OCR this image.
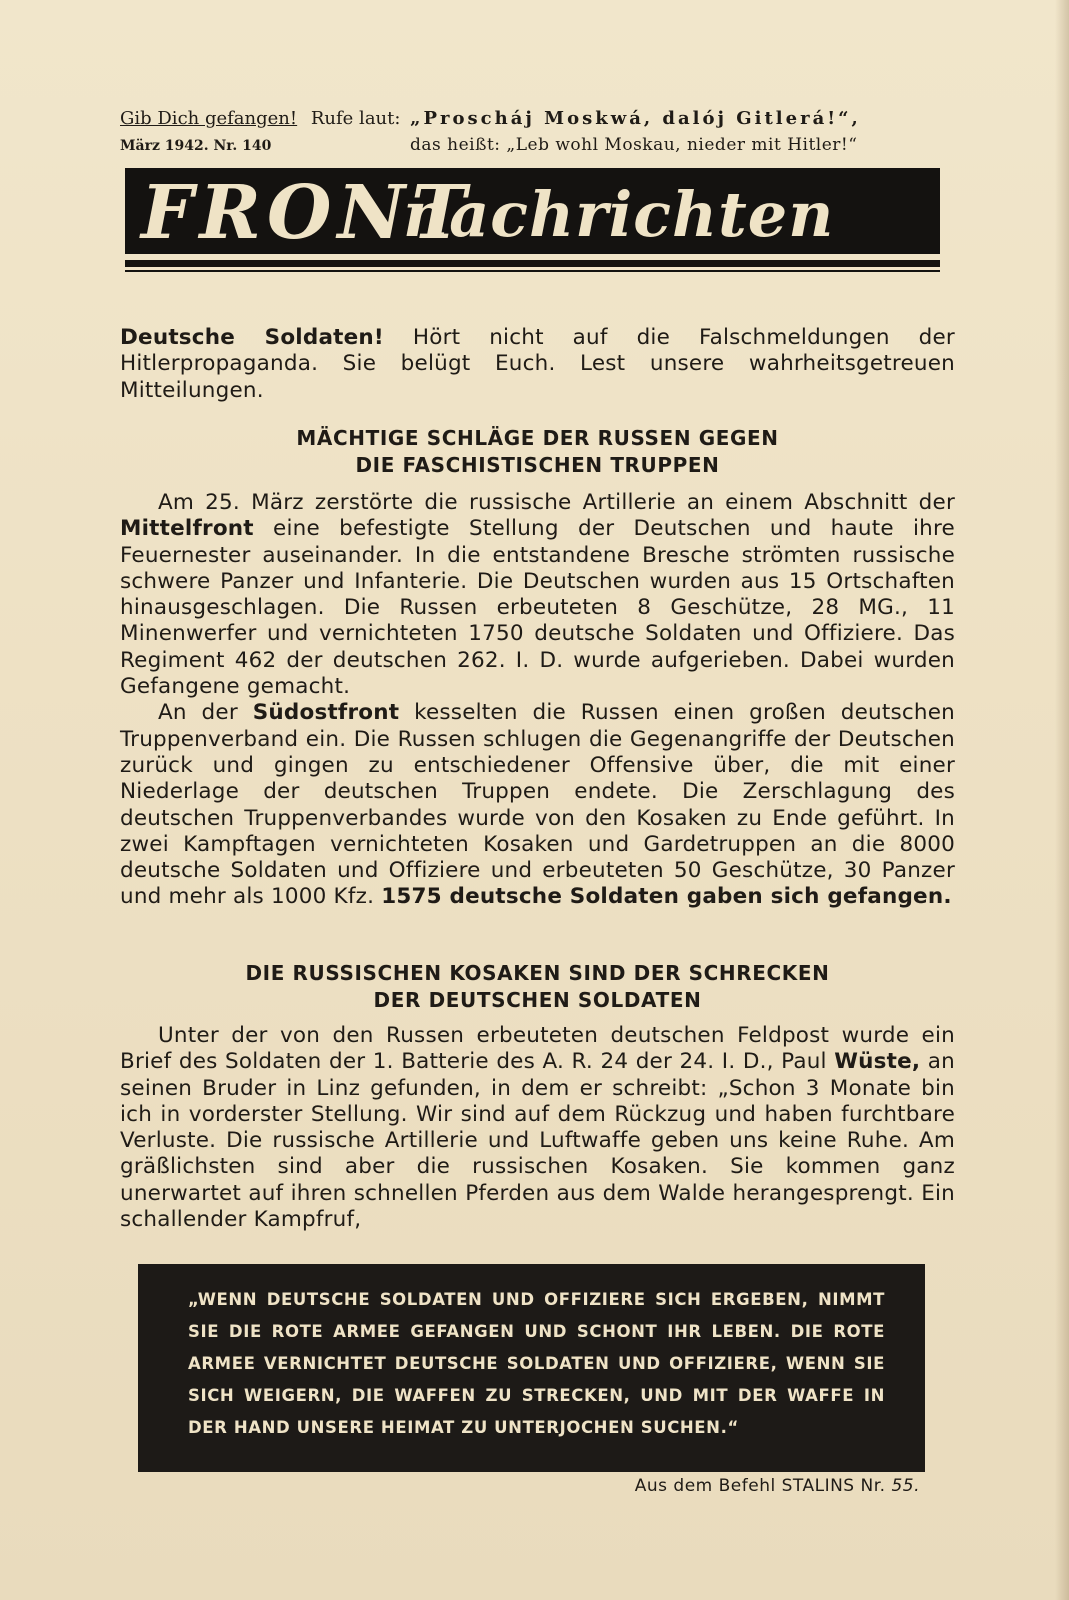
Gib Dich gefangen! Rufe laut: „Proscháj Moskwá, dalój Gitlerá!“,
März 1942. Nr. 140	das heißt: „Leb wohl Moskau, nieder mit Hitler!“
FRONT
nachrichten
Deutsche Soldaten! Hört nicht auf die Falschmeldungen der Hitlerpropaganda. Sie belügt Euch. Lest unsere wahrheitsgetreuen Mitteilungen.
MÄCHTIGE SCHLÄGE DER RUSSEN GEGEN
DIE FASCHISTISCHEN TRUPPEN
Am 25. März zerstörte die russische Artillerie an einem Abschnitt der Mittelfront eine befestigte Stellung der Deutschen und haute ihre Feuernester auseinander. In die entstandene Bresche strömten russische schwere Panzer und Infanterie. Die Deutschen wurden aus 15 Ortschaften hinausgeschlagen. Die Russen erbeuteten 8 Geschütze, 28 MG., 11 Minenwerfer und vernichteten 1750 deutsche Soldaten und Offiziere. Das Regiment 462 der deutschen 262. I. D. wurde aufgerieben. Dabei wurden Gefangene gemacht.
An der Südostfront kesselten die Russen einen großen deutschen Truppenverband ein. Die Russen schlugen die Gegenangriffe der Deutschen zurück und gingen zu entschiedener Offensive über, die mit einer Niederlage der deutschen Truppen endete. Die Zerschlagung des deutschen Truppenverbandes wurde von den Kosaken zu Ende geführt. In zwei Kampftagen vernichteten Kosaken und Gardetruppen an die 8000 deutsche Soldaten und Offiziere und erbeuteten 50 Geschütze, 30 Panzer und mehr als 1000 Kfz. 1575 deutsche Soldaten gaben sich gefangen.
DIE RUSSISCHEN KOSAKEN SIND DER SCHRECKEN
DER DEUTSCHEN SOLDATEN
Unter der von den Russen erbeuteten deutschen Feldpost wurde ein Brief des Soldaten der 1. Batterie des A. R. 24 der 24. I. D., Paul Wüste, an seinen Bruder in Linz gefunden, in dem er schreibt: „Schon 3 Monate bin ich in vorderster Stellung. Wir sind auf dem Rückzug und haben furchtbare Verluste. Die russische Artillerie und Luftwaffe geben uns keine Ruhe. Am gräßlichsten sind aber die russischen Kosaken. Sie kommen ganz unerwartet auf ihren schnellen Pferden aus dem Walde herangesprengt. Ein schallender Kampfruf,
„WENN DEUTSCHE SOLDATEN UND OFFIZIERE SICH ERGEBEN, NIMMT SIE DIE ROTE ARMEE GEFANGEN UND SCHONT IHR LEBEN. DIE ROTE ARMEE VERNICHTET DEUTSCHE SOLDATEN UND OFFIZIERE, WENN SIE SICH WEIGERN, DIE WAFFEN ZU STRECKEN, UND MIT DER WAFFE IN DER HAND UNSERE HEIMAT ZU UNTERJOCHEN SUCHEN.“
Aus dem Befehl STALINS Nr. 55.
